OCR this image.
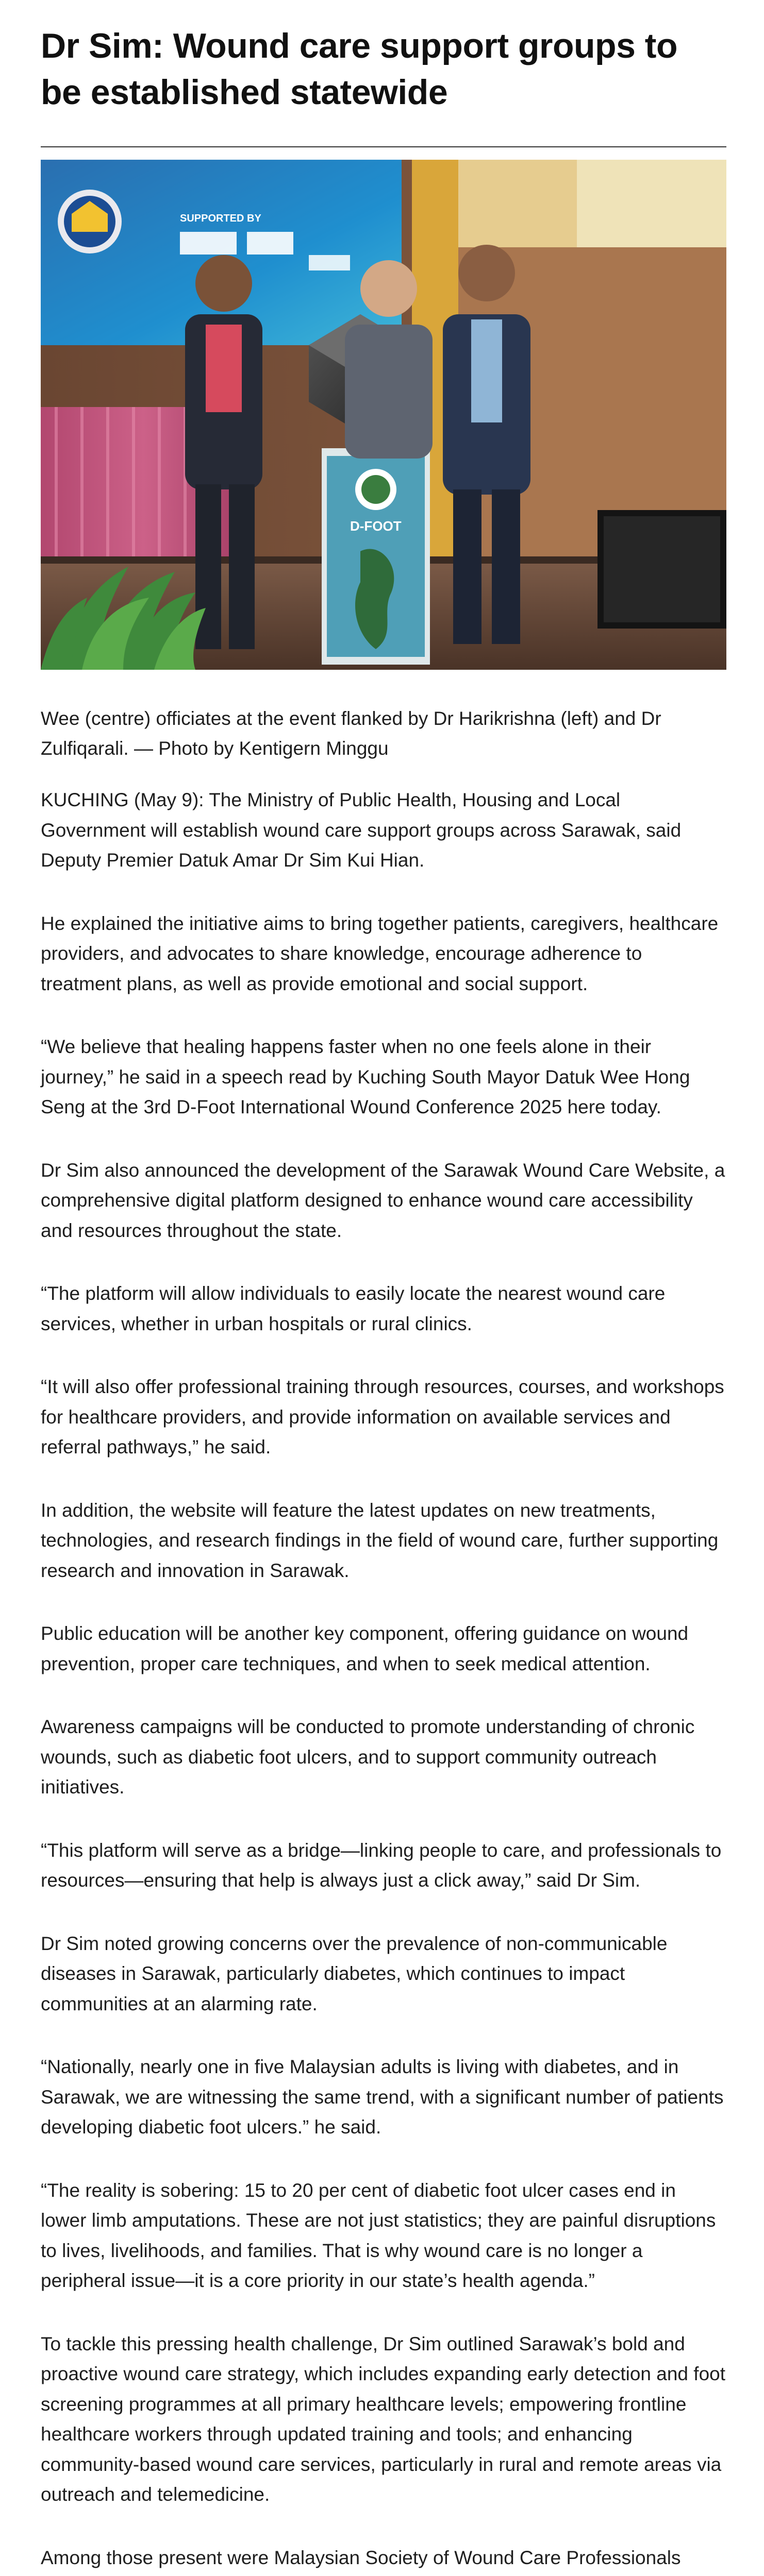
Dr Sim: Wound care support groups to be established statewide
SUPPORTED BY
D-FOOT

Wee (centre) officiates at the event flanked by Dr Harikrishna (left) and Dr Zulfiqarali. — Photo by Kentigern Minggu

KUCHING (May 9): The Ministry of Public Health, Housing and Local Government will establish wound care support groups across Sarawak, said Deputy Premier Datuk Amar Dr Sim Kui Hian.

He explained the initiative aims to bring together patients, caregivers, healthcare providers, and advocates to share knowledge, encourage adherence to treatment plans, as well as provide emotional and social support.

“We believe that healing happens faster when no one feels alone in their journey,” he said in a speech read by Kuching South Mayor Datuk Wee Hong Seng at the 3rd D-Foot International Wound Conference 2025 here today.

Dr Sim also announced the development of the Sarawak Wound Care Website, a comprehensive digital platform designed to enhance wound care accessibility and resources throughout the state.

“The platform will allow individuals to easily locate the nearest wound care services, whether in urban hospitals or rural clinics.

“It will also offer professional training through resources, courses, and workshops for healthcare providers, and provide information on available services and referral pathways,” he said.

In addition, the website will feature the latest updates on new treatments, technologies, and research findings in the field of wound care, further supporting research and innovation in Sarawak.

Public education will be another key component, offering guidance on wound prevention, proper care techniques, and when to seek medical attention.

Awareness campaigns will be conducted to promote understanding of chronic wounds, such as diabetic foot ulcers, and to support community outreach initiatives.

“This platform will serve as a bridge—linking people to care, and professionals to resources—ensuring that help is always just a click away,” said Dr Sim.

Dr Sim noted growing concerns over the prevalence of non-communicable diseases in Sarawak, particularly diabetes, which continues to impact communities at an alarming rate.

“Nationally, nearly one in five Malaysian adults is living with diabetes, and in Sarawak, we are witnessing the same trend, with a significant number of patients developing diabetic foot ulcers.” he said.

“The reality is sobering: 15 to 20 per cent of diabetic foot ulcer cases end in lower limb amputations. These are not just statistics; they are painful disruptions to lives, livelihoods, and families. That is why wound care is no longer a peripheral issue—it is a core priority in our state’s health agenda.”

To tackle this pressing health challenge, Dr Sim outlined Sarawak’s bold and proactive wound care strategy, which includes expanding early detection and foot screening programmes at all primary healthcare levels; empowering frontline healthcare workers through updated training and tools; and enhancing community-based wound care services, particularly in rural and remote areas via outreach and telemedicine.

Among those present were Malaysian Society of Wound Care Professionals
